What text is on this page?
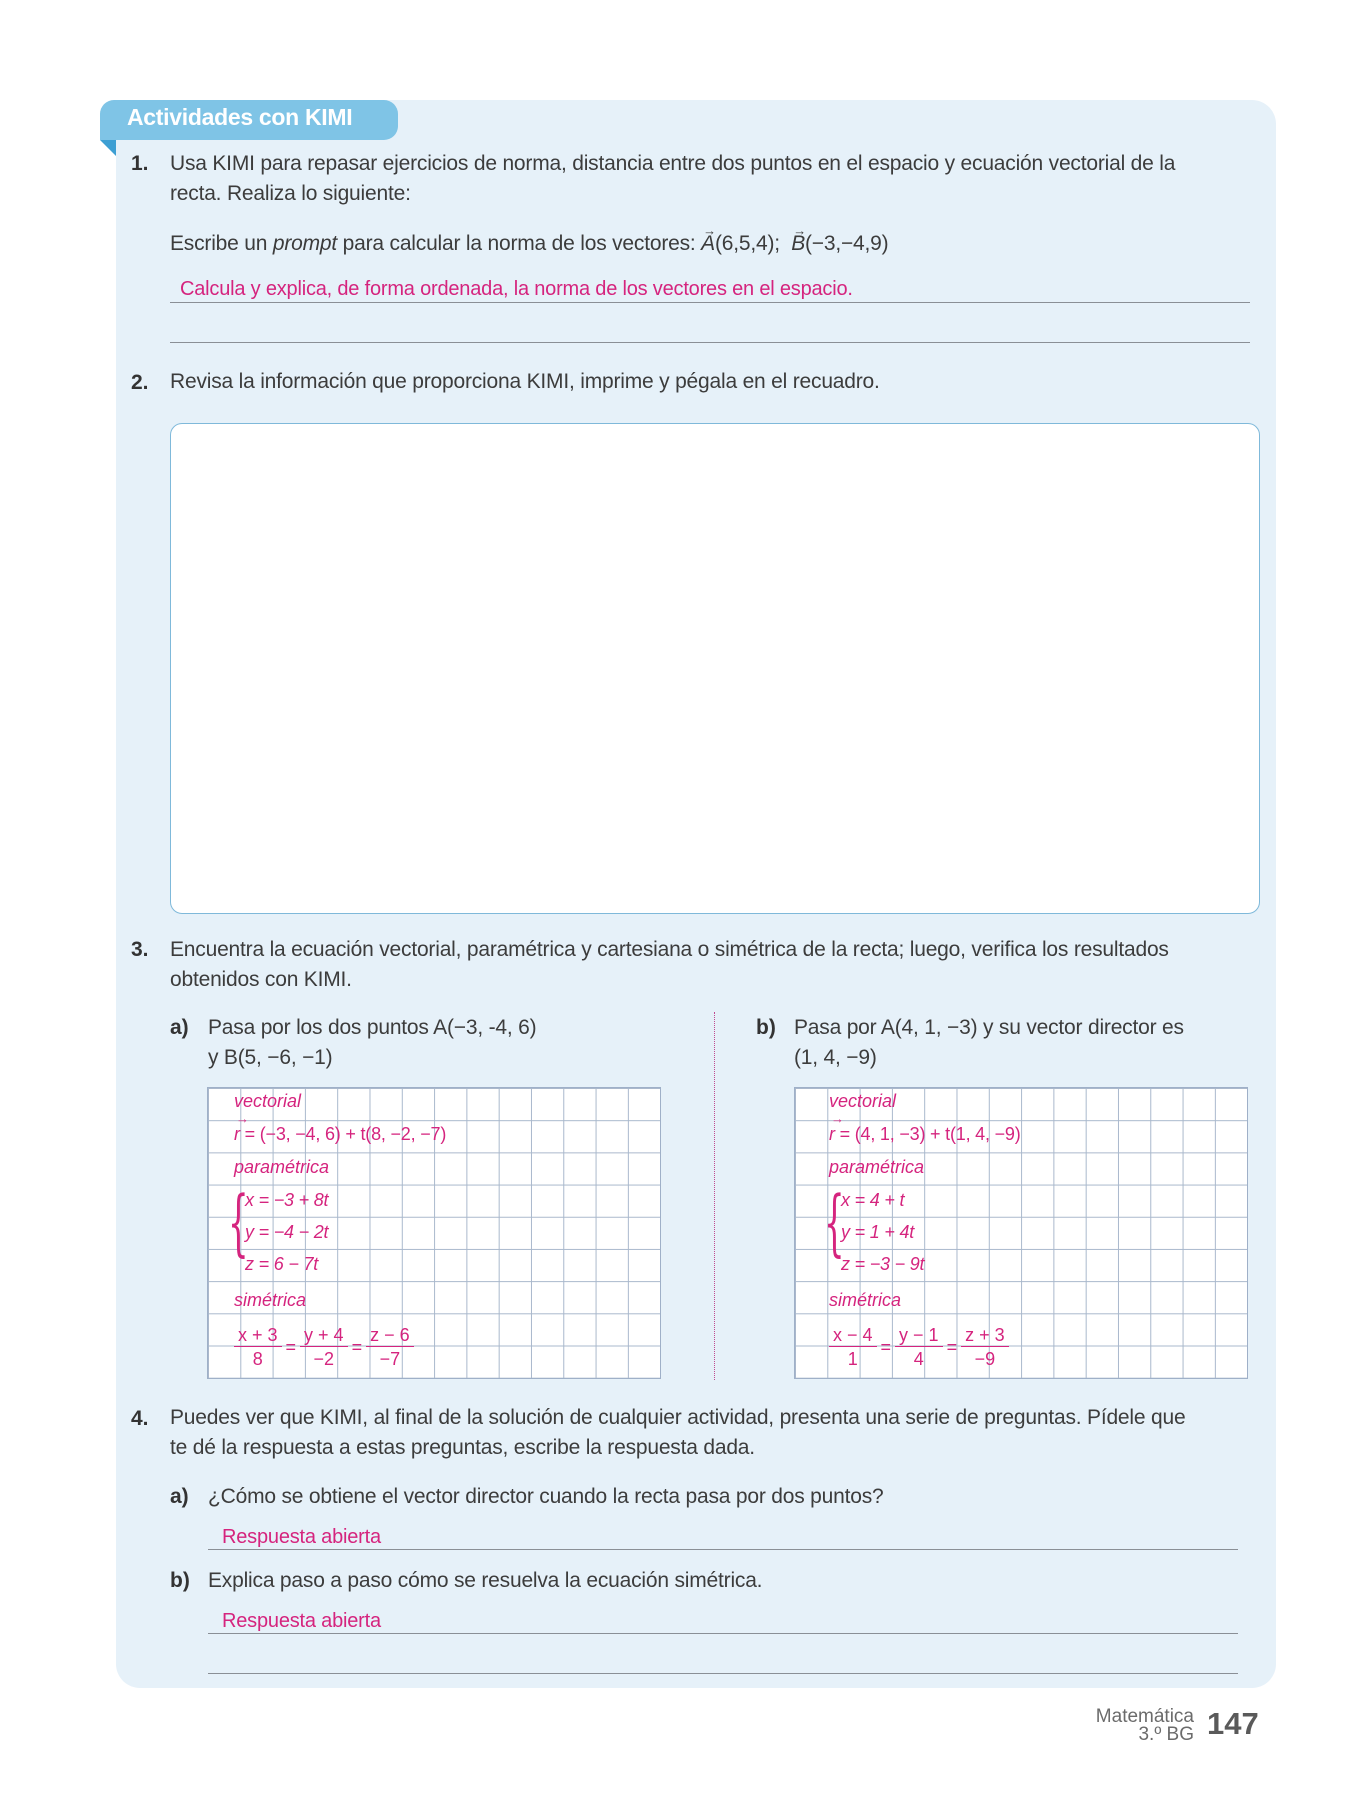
Actividades con KIMI
1. Usa KIMI para repasar ejercicios de norma, distancia entre dos puntos en el espacio y ecuación vectorial de la
recta. Realiza lo siguiente:
Escribe un prompt para calcular la norma de los vectores: → A(6,5,4); → B(−3,−4,9)
Calcula y explica, de forma ordenada, la norma de los vectores en el espacio.
2. Revisa la información que proporciona KIMI, imprime y pégala en el recuadro.
3. Encuentra la ecuación vectorial, paramétrica y cartesiana o simétrica de la recta; luego, verifica los resultados
obtenidos con KIMI.
a) Pasa por los dos puntos A(−3, -4, 6)
y B(5, −6, −1)
vectorial
→ r = (−3, −4, 6) + t(8, −2, −7)
paramétrica
{
x = −3 + 8t
y = −4 − 2t
z = 6 − 7t
simétrica
$\frac{x + 3}{8} = \frac{y + 4}{-2} = \frac{z - 6}{-7}$
b) Pasa por A(4, 1, −3) y su vector director es
(1, 4, −9)
vectorial
→ r = (4, 1, −3) + t(1, 4, −9)
paramétrica
{
x = 4 + t
y = 1 + 4t
z = −3 − 9t
simétrica
$\frac{x - 4}{1} = \frac{y - 1}{4} = \frac{z + 3}{-9}$
4. Puedes ver que KIMI, al final de la solución de cualquier actividad, presenta una serie de preguntas. Pídele que
te dé la respuesta a estas preguntas, escribe la respuesta dada.
a) ¿Cómo se obtiene el vector director cuando la recta pasa por dos puntos?
Respuesta abierta
b) Explica paso a paso cómo se resuelva la ecuación simétrica.
Respuesta abierta
Matemática
3.º BG 147
